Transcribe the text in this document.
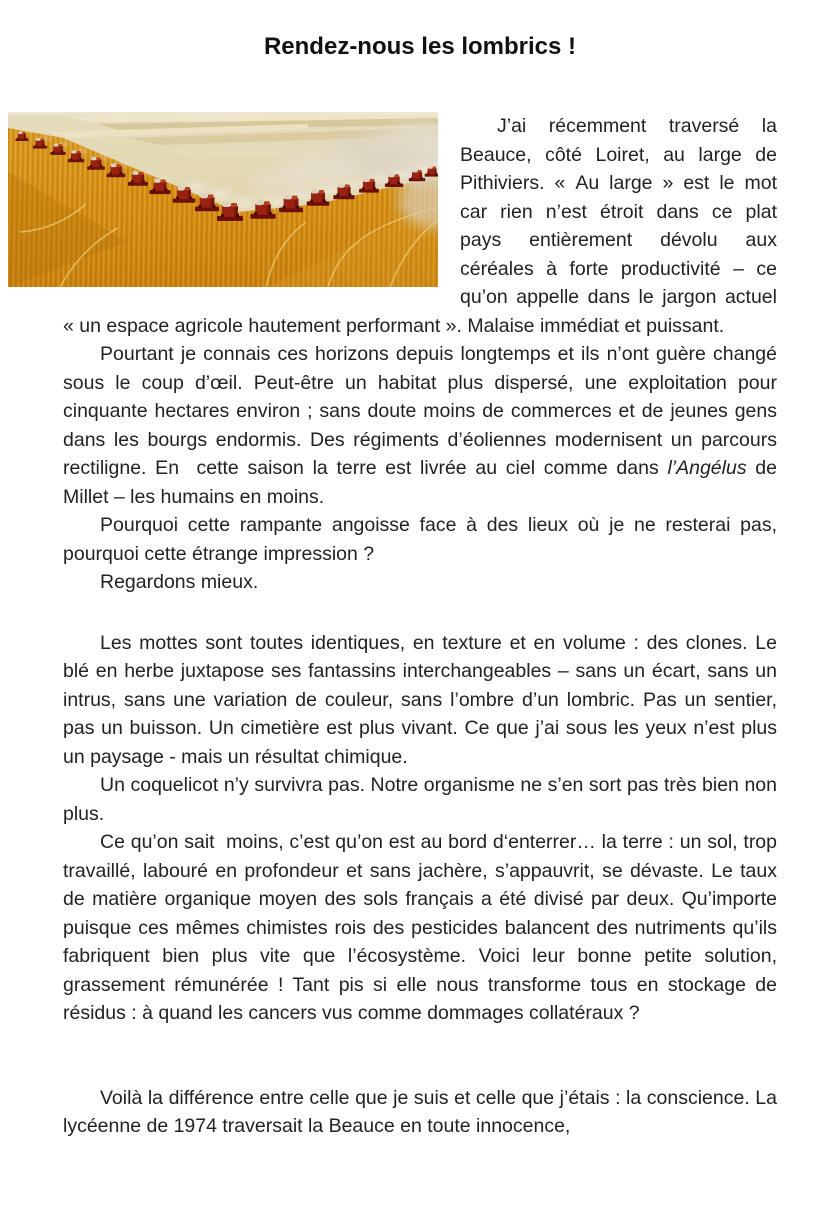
Rendez-nous les lombrics !

J’ai récemment traversé la Beauce, côté Loiret, au large de Pithiviers. « Au large » est le mot car rien n’est étroit dans ce plat pays entièrement dévolu aux céréales à forte productivité – ce qu’on appelle dans le jargon actuel « un espace agricole hautement performant ». Malaise immédiat et puissant.

Pourtant je connais ces horizons depuis longtemps et ils n’ont guère changé sous le coup d’œil. Peut-être un habitat plus dispersé, une exploitation pour cinquante hectares environ ; sans doute moins de commerces et de jeunes gens dans les bourgs endormis. Des régiments d’éoliennes modernisent un parcours rectiligne. En  cette saison la terre est livrée au ciel comme dans l’Angélus de Millet – les humains en moins.

Pourquoi cette rampante angoisse face à des lieux où je ne resterai pas, pourquoi cette étrange impression ?

Regardons mieux.

Les mottes sont toutes identiques, en texture et en volume : des clones. Le blé en herbe juxtapose ses fantassins interchangeables – sans un écart, sans un intrus, sans une variation de couleur, sans l’ombre d’un lombric. Pas un sentier, pas un buisson. Un cimetière est plus vivant. Ce que j’ai sous les yeux n’est plus un paysage - mais un résultat chimique.

Un coquelicot n’y survivra pas. Notre organisme ne s’en sort pas très bien non plus.

Ce qu’on sait  moins, c’est qu’on est au bord d‘enterrer… la terre : un sol, trop travaillé, labouré en profondeur et sans jachère, s’appauvrit, se dévaste. Le taux de matière organique moyen des sols français a été divisé par deux. Qu’importe puisque ces mêmes chimistes rois des pesticides balancent des nutriments qu’ils fabriquent bien plus vite que l’écosystème. Voici leur bonne petite solution, grassement rémunérée ! Tant pis si elle nous transforme tous en stockage de résidus : à quand les cancers vus comme dommages collatéraux ?

Voilà la différence entre celle que je suis et celle que j’étais : la conscience. La lycéenne de 1974 traversait la Beauce en toute innocence,
